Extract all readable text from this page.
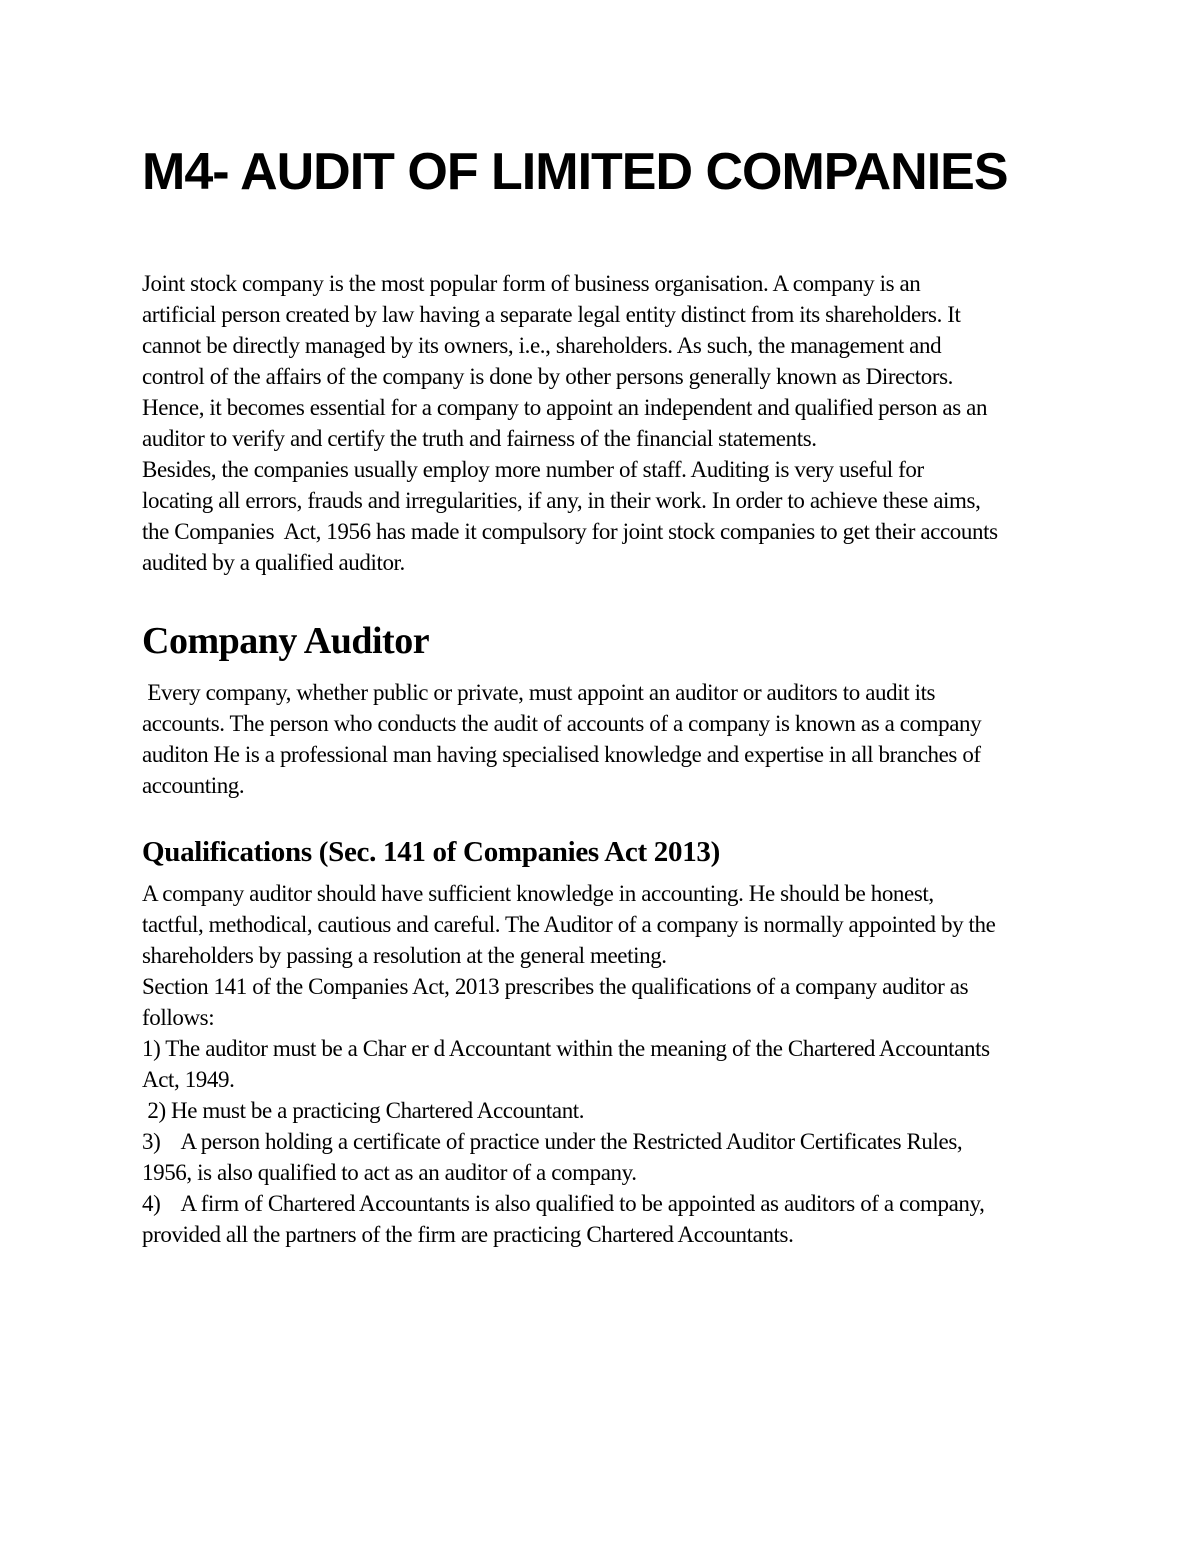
M4- AUDIT OF LIMITED COMPANIES
Joint stock company is the most popular form of business organisation. A company is an
artificial person created by law having a separate legal entity distinct from its shareholders. It
cannot be directly managed by its owners, i.e., shareholders. As such, the management and
control of the affairs of the company is done by other persons generally known as Directors.
Hence, it becomes essential for a company to appoint an independent and qualified person as an
auditor to verify and certify the truth and fairness of the financial statements.
Besides, the companies usually employ more number of staff. Auditing is very useful for
locating all errors, frauds and irregularities, if any, in their work. In order to achieve these aims,
the Companies  Act, 1956 has made it compulsory for joint stock companies to get their accounts
audited by a qualified auditor.
Company Auditor
Every company, whether public or private, must appoint an auditor or auditors to audit its
accounts. The person who conducts the audit of accounts of a company is known as a company
auditon He is a professional man having specialised knowledge and expertise in all branches of
accounting.
Qualifications (Sec. 141 of Companies Act 2013)
A company auditor should have sufficient knowledge in accounting. He should be honest,
tactful, methodical, cautious and careful. The Auditor of a company is normally appointed by the
shareholders by passing a resolution at the general meeting.
Section 141 of the Companies Act, 2013 prescribes the qualifications of a company auditor as
follows:
1) The auditor must be a Char er d Accountant within the meaning of the Chartered Accountants
Act, 1949.
2) He must be a practicing Chartered Accountant.
3)    A person holding a certificate of practice under the Restricted Auditor Certificates Rules,
1956, is also qualified to act as an auditor of a company.
4)    A firm of Chartered Accountants is also qualified to be appointed as auditors of a company,
provided all the partners of the firm are practicing Chartered Accountants.
